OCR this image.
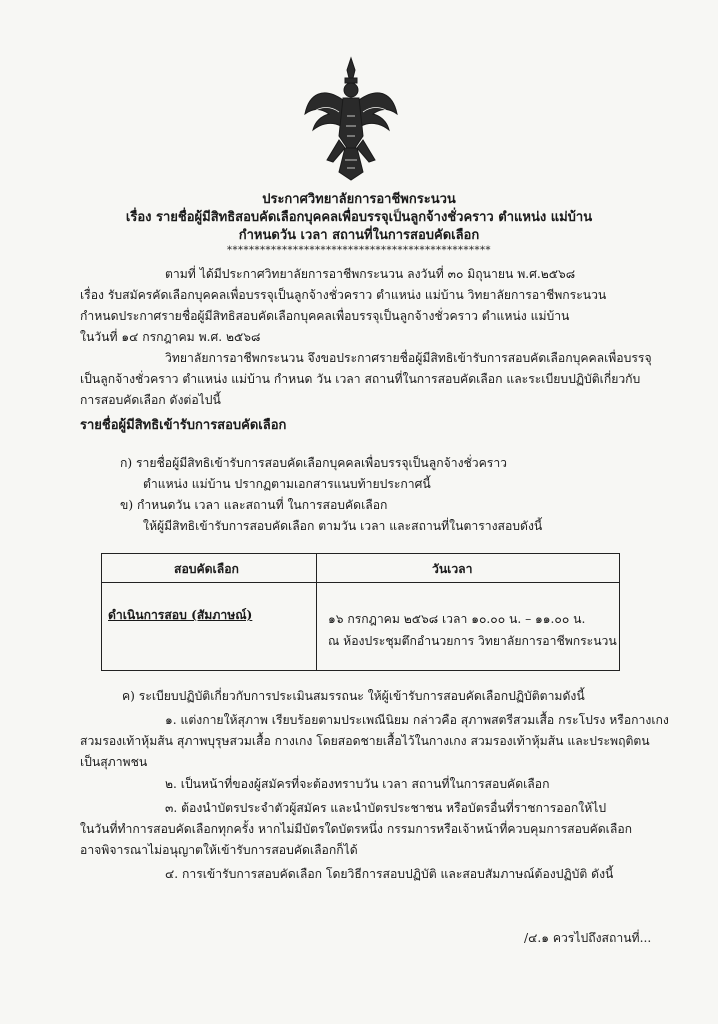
ประกาศวิทยาลัยการอาชีพกระนวน
เรื่อง รายชื่อผู้มีสิทธิสอบคัดเลือกบุคคลเพื่อบรรจุเป็นลูกจ้างชั่วคราว ตำแหน่ง แม่บ้าน
กำหนดวัน เวลา สถานที่ในการสอบคัดเลือก
************************************************
ตามที่ ได้มีประกาศวิทยาลัยการอาชีพกระนวน ลงวันที่ ๓๐ มิถุนายน พ.ศ.๒๕๖๘
เรื่อง รับสมัครคัดเลือกบุคคลเพื่อบรรจุเป็นลูกจ้างชั่วคราว ตำแหน่ง แม่บ้าน วิทยาลัยการอาชีพกระนวน
กำหนดประกาศรายชื่อผู้มีสิทธิสอบคัดเลือกบุคคลเพื่อบรรจุเป็นลูกจ้างชั่วคราว ตำแหน่ง แม่บ้าน
ในวันที่ ๑๔ กรกฎาคม พ.ศ. ๒๕๖๘
วิทยาลัยการอาชีพกระนวน จึงขอประกาศรายชื่อผู้มีสิทธิเข้ารับการสอบคัดเลือกบุคคลเพื่อบรรจุ
เป็นลูกจ้างชั่วคราว ตำแหน่ง แม่บ้าน กำหนด วัน เวลา สถานที่ในการสอบคัดเลือก และระเบียบปฏิบัติเกี่ยวกับ
การสอบคัดเลือก ดังต่อไปนี้
รายชื่อผู้มีสิทธิเข้ารับการสอบคัดเลือก
ก) รายชื่อผู้มีสิทธิเข้ารับการสอบคัดเลือกบุคคลเพื่อบรรจุเป็นลูกจ้างชั่วคราว
ตำแหน่ง แม่บ้าน ปรากฏตามเอกสารแนบท้ายประกาศนี้
ข) กำหนดวัน เวลา และสถานที่ ในการสอบคัดเลือก
ให้ผู้มีสิทธิเข้ารับการสอบคัดเลือก ตามวัน เวลา และสถานที่ในตารางสอบดังนี้
สอบคัดเลือก	วันเวลา
ดำเนินการสอบ (สัมภาษณ์)	๑๖ กรกฎาคม ๒๕๖๘ เวลา ๑๐.๐๐ น. – ๑๑.๐๐ น.
ณ ห้องประชุมตึกอำนวยการ วิทยาลัยการอาชีพกระนวน
ค) ระเบียบปฏิบัติเกี่ยวกับการประเมินสมรรถนะ ให้ผู้เข้ารับการสอบคัดเลือกปฏิบัติตามดังนี้
๑. แต่งกายให้สุภาพ เรียบร้อยตามประเพณีนิยม กล่าวคือ สุภาพสตรีสวมเสื้อ กระโปรง หรือกางเกง
สวมรองเท้าหุ้มส้น สุภาพบุรุษสวมเสื้อ กางเกง โดยสอดชายเสื้อไว้ในกางเกง สวมรองเท้าหุ้มส้น และประพฤติตน
เป็นสุภาพชน
๒. เป็นหน้าที่ของผู้สมัครที่จะต้องทราบวัน เวลา สถานที่ในการสอบคัดเลือก
๓. ต้องนำบัตรประจำตัวผู้สมัคร และนำบัตรประชาชน หรือบัตรอื่นที่ราชการออกให้ไป
ในวันที่ทำการสอบคัดเลือกทุกครั้ง หากไม่มีบัตรใดบัตรหนึ่ง กรรมการหรือเจ้าหน้าที่ควบคุมการสอบคัดเลือก
อาจพิจารณาไม่อนุญาตให้เข้ารับการสอบคัดเลือกก็ได้
๔. การเข้ารับการสอบคัดเลือก โดยวิธีการสอบปฏิบัติ และสอบสัมภาษณ์ต้องปฏิบัติ ดังนี้
/๔.๑ ควรไปถึงสถานที่...
